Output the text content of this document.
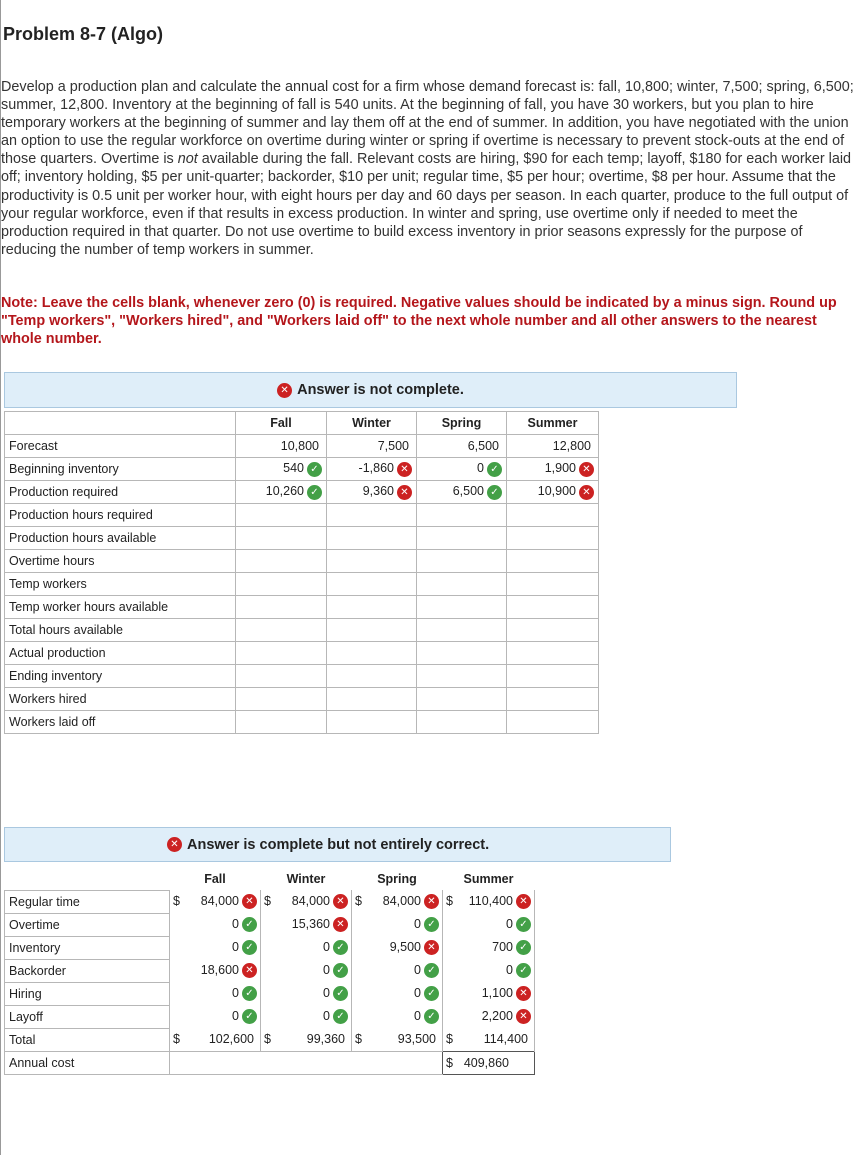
Problem 8-7 (Algo)
Develop a production plan and calculate the annual cost for a firm whose demand forecast is: fall, 10,800; winter, 7,500; spring, 6,500; summer, 12,800. Inventory at the beginning of fall is 540 units. At the beginning of fall, you have 30 workers, but you plan to hire temporary workers at the beginning of summer and lay them off at the end of summer. In addition, you have negotiated with the union an option to use the regular workforce on overtime during winter or spring if overtime is necessary to prevent stock-outs at the end of those quarters. Overtime is not available during the fall. Relevant costs are hiring, $90 for each temp; layoff, $180 for each worker laid off; inventory holding, $5 per unit-quarter; backorder, $10 per unit; regular time, $5 per hour; overtime, $8 per hour. Assume that the productivity is 0.5 unit per worker hour, with eight hours per day and 60 days per season. In each quarter, produce to the full output of your regular workforce, even if that results in excess production. In winter and spring, use overtime only if needed to meet the production required in that quarter. Do not use overtime to build excess inventory in prior seasons expressly for the purpose of reducing the number of temp workers in summer.
Note: Leave the cells blank, whenever zero (0) is required. Negative values should be indicated by a minus sign. Round up "Temp workers", "Workers hired", and "Workers laid off" to the next whole number and all other answers to the nearest whole number.
✕ Answer is not complete.
	Fall	Winter	Spring	Summer
Forecast	10,800	7,500	6,500	12,800
Beginning inventory	540 ✓	-1,860 ✕	0 ✓	1,900 ✕
Production required	10,260 ✓	9,360 ✕	6,500 ✓	10,900 ✕
Production hours required				
Production hours available				
Overtime hours				
Temp workers				
Temp worker hours available				
Total hours available				
Actual production				
Ending inventory				
Workers hired				
Workers laid off				
✕ Answer is complete but not entirely correct.
	Fall	Winter	Spring	Summer
Regular time	$ 84,000 ✕	$ 84,000 ✕	$ 84,000 ✕	$ 110,400 ✕
Overtime	0 ✓	15,360 ✕	0 ✓	0 ✓
Inventory	0 ✓	0 ✓	9,500 ✕	700 ✓
Backorder	18,600 ✕	0 ✓	0 ✓	0 ✓
Hiring	0 ✓	0 ✓	0 ✓	1,100 ✕
Layoff	0 ✓	0 ✓	0 ✓	2,200 ✕
Total	$ 102,600	$ 99,360	$ 93,500	$ 114,400
Annual cost				$ 409,860
